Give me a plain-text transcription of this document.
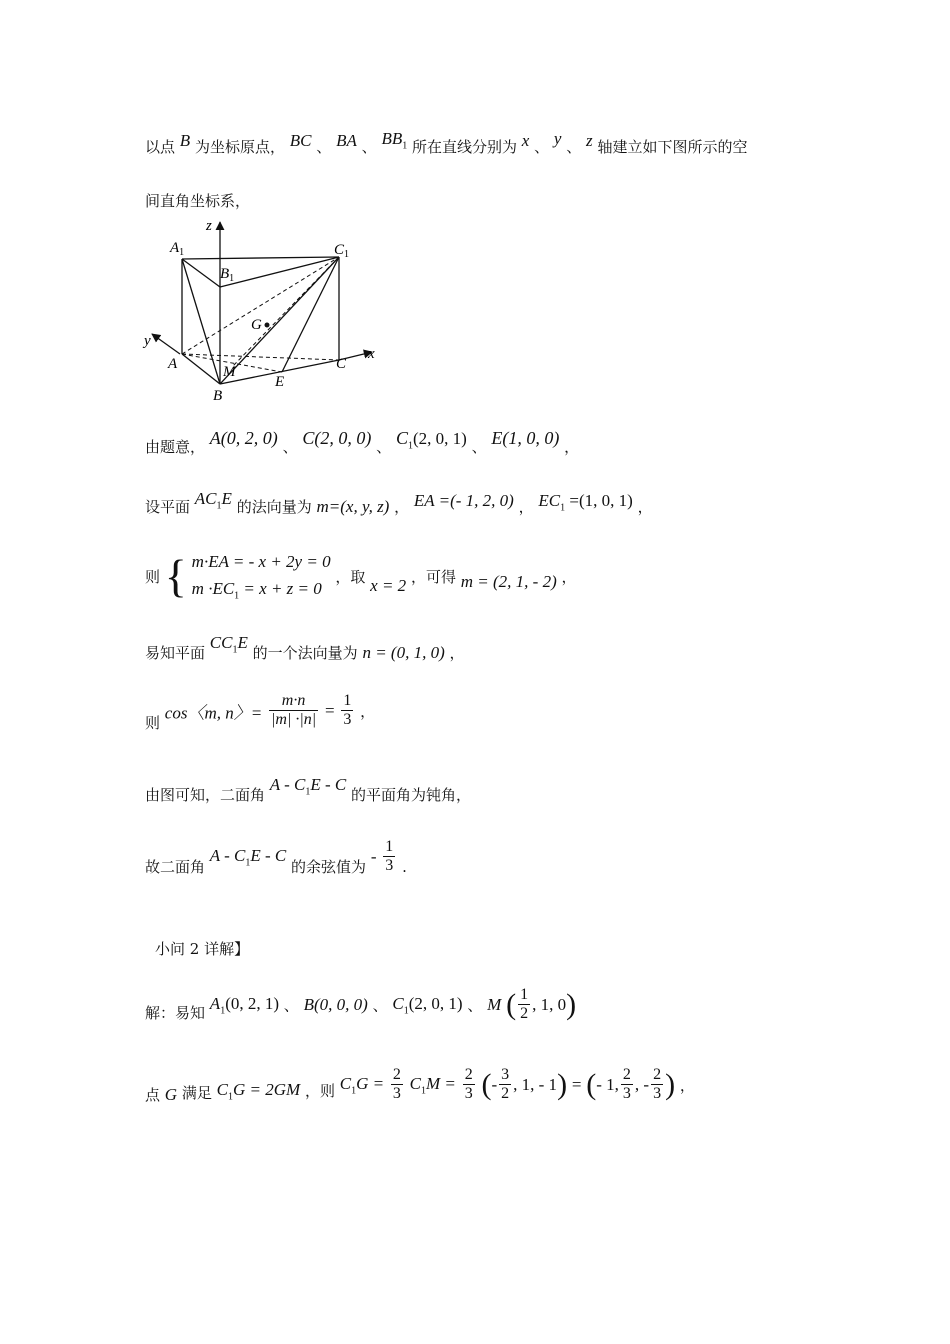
以点 B 为坐标原点， BC 、 BA 、 $BB_1$ 所在直线分别为 x 、 y 、 z 轴建立如下图所示的空
间直角坐标系，
z
$A_1$
$B_1$
$C_1$
G
y
A	M
E
C
x
B
由题意， A(0, 2, 0) 、 C(2, 0, 0) 、 $C_1(2$, 0, 1) 、 E(1, 0, 0) ，
设平面 $AC_1E$ 的法向量为 m=(x, y, z) ， EA =(- 1, 2, 0) ， $EC_1 =(1$, 0, 1) ，
则 { m·EA = - x + 2y = 0
$m \cdot EC_1 = x + z = 0$
，取 x = 2 ，可得 m = (2, 1, - 2) ，
易知平面 $CC_1E$ 的一个法向量为 n = (0, 1, 0) ，
则 cos〈m, n〉= $\frac{m\cdot n}{|m| \cdot|n|} = \frac{1}{3}$ ，
由图可知，二面角 A - $C_1E$ - C 的平面角为钝角，
故二面角 A - $C_1E$ - C 的余弦值为 - $\frac{1}{3}$ .
小问 2 详解】
解：易知 $A_1(0$, 2, 1) 、 B(0, 0, 0) 、 $C_1(2$, 0, 1) 、 M ( $\frac{1}{2}$ , 1, 0)
点 G 满足 $C_1G = 2GM$ ，则 $C_1G = \frac{2}{3} C_1M = \frac{2}{3}$ (- $\frac{3}{2}$ , 1, - 1) = (- 1, $\frac{2}{3}$ , - $\frac{2}{3}$ ) ，
